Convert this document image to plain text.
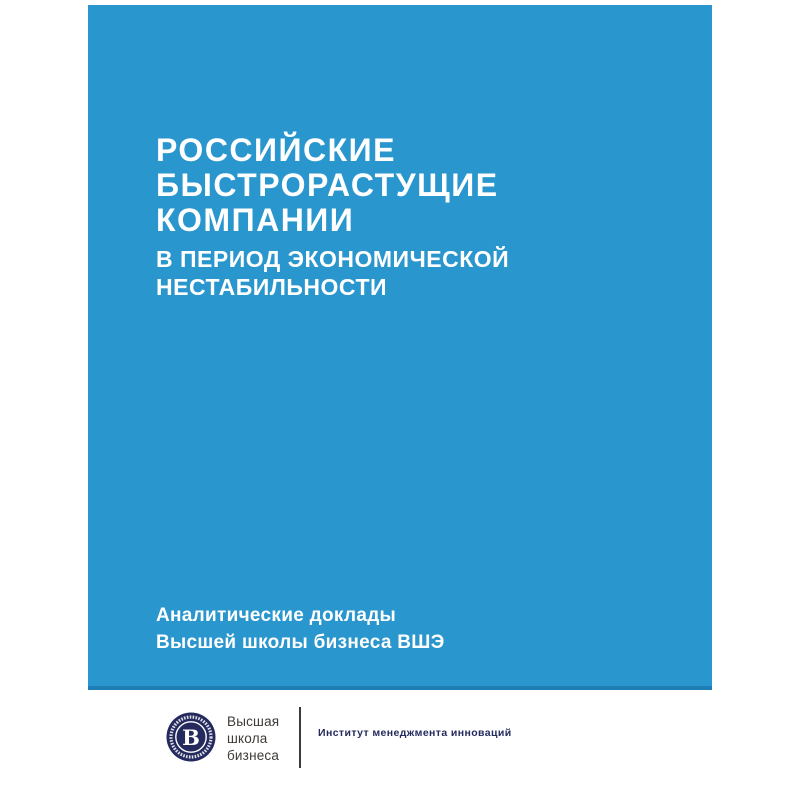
РОССИЙСКИЕ
БЫСТРОРАСТУЩИЕ
КОМПАНИИ
В ПЕРИОД ЭКОНОМИЧЕСКОЙ
НЕСТАБИЛЬНОСТИ
Аналитические доклады
Высшей школы бизнеса ВШЭ
В
Высшая
школа
бизнеса
Институт менеджмента инноваций
